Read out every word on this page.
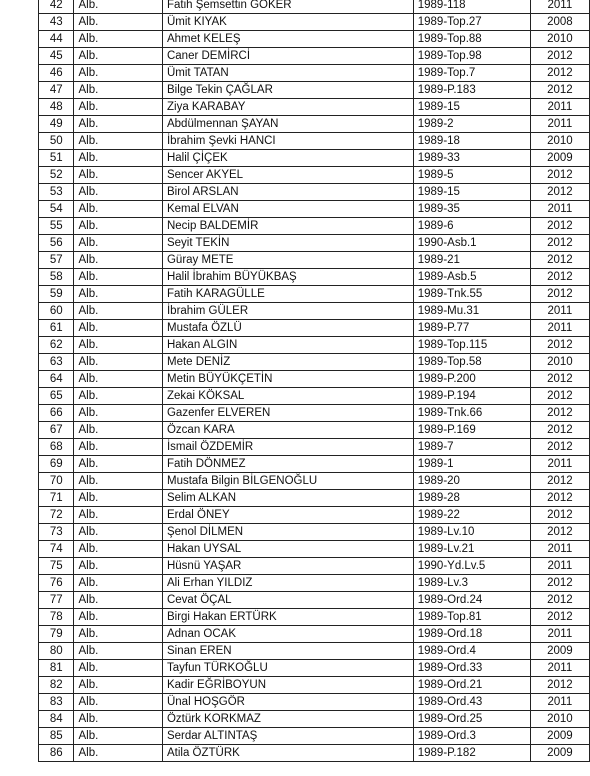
42	Alb.	Fatih Şemsettin GÖKER	1989-118	2011
43	Alb.	Ümit KIYAK	1989-Top.27	2008
44	Alb.	Ahmet KELEŞ	1989-Top.88	2010
45	Alb.	Caner DEMİRCİ	1989-Top.98	2012
46	Alb.	Ümit TATAN	1989-Top.7	2012
47	Alb.	Bilge Tekin ÇAĞLAR	1989-P.183	2012
48	Alb.	Ziya KARABAY	1989-15	2011
49	Alb.	Abdülmennan ŞAYAN	1989-2	2011
50	Alb.	İbrahim Şevki HANCI	1989-18	2010
51	Alb.	Halil ÇİÇEK	1989-33	2009
52	Alb.	Sencer AKYEL	1989-5	2012
53	Alb.	Birol ARSLAN	1989-15	2012
54	Alb.	Kemal ELVAN	1989-35	2011
55	Alb.	Necip BALDEMİR	1989-6	2012
56	Alb.	Seyit TEKİN	1990-Asb.1	2012
57	Alb.	Güray METE	1989-21	2012
58	Alb.	Halil İbrahim BÜYÜKBAŞ	1989-Asb.5	2012
59	Alb.	Fatih KARAGÜLLE	1989-Tnk.55	2012
60	Alb.	İbrahim GÜLER	1989-Mu.31	2011
61	Alb.	Mustafa ÖZLÜ	1989-P.77	2011
62	Alb.	Hakan ALGIN	1989-Top.115	2012
63	Alb.	Mete DENİZ	1989-Top.58	2010
64	Alb.	Metin BÜYÜKÇETİN	1989-P.200	2012
65	Alb.	Zekai KÖKSAL	1989-P.194	2012
66	Alb.	Gazenfer ELVEREN	1989-Tnk.66	2012
67	Alb.	Özcan KARA	1989-P.169	2012
68	Alb.	İsmail ÖZDEMİR	1989-7	2012
69	Alb.	Fatih DÖNMEZ	1989-1	2011
70	Alb.	Mustafa Bilgin BİLGENOĞLU	1989-20	2012
71	Alb.	Selim ALKAN	1989-28	2012
72	Alb.	Erdal ÖNEY	1989-22	2012
73	Alb.	Şenol DİLMEN	1989-Lv.10	2012
74	Alb.	Hakan UYSAL	1989-Lv.21	2011
75	Alb.	Hüsnü YAŞAR	1990-Yd.Lv.5	2011
76	Alb.	Ali Erhan YILDIZ	1989-Lv.3	2012
77	Alb.	Cevat ÖÇAL	1989-Ord.24	2012
78	Alb.	Birgi Hakan ERTÜRK	1989-Top.81	2012
79	Alb.	Adnan OCAK	1989-Ord.18	2011
80	Alb.	Sinan EREN	1989-Ord.4	2009
81	Alb.	Tayfun TÜRKOĞLU	1989-Ord.33	2011
82	Alb.	Kadir EĞRİBOYUN	1989-Ord.21	2012
83	Alb.	Ünal HOŞGÖR	1989-Ord.43	2011
84	Alb.	Öztürk KORKMAZ	1989-Ord.25	2010
85	Alb.	Serdar ALTINTAŞ	1989-Ord.3	2009
86	Alb.	Atila ÖZTÜRK	1989-P.182	2009
